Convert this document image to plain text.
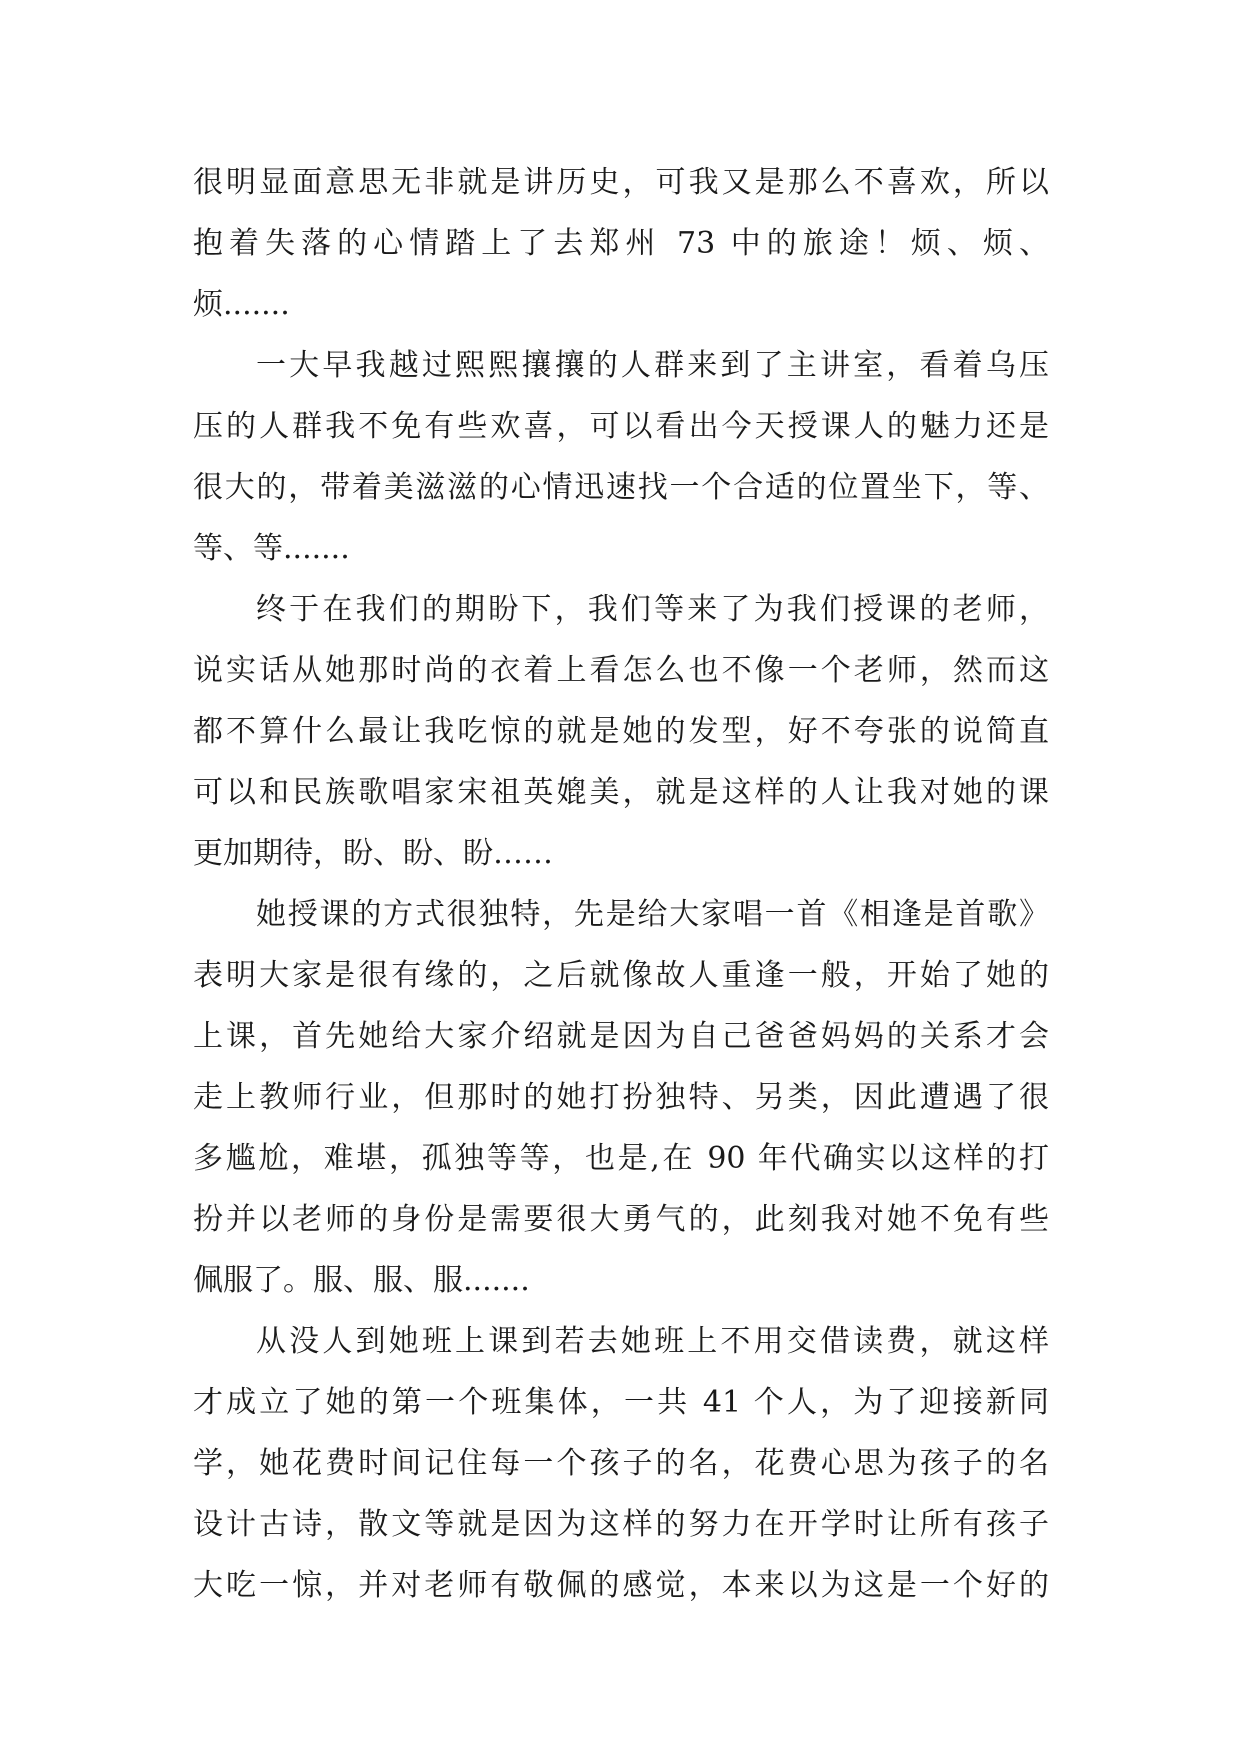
很明显面意思无非就是讲历史，可我又是那么不喜欢，所以
抱着失落的心情踏上了去郑州 73 中的旅途！烦、烦、
烦.......
一大早我越过熙熙攘攘的人群来到了主讲室，看着乌压
压的人群我不免有些欢喜，可以看出今天授课人的魅力还是
很大的，带着美滋滋的心情迅速找一个合适的位置坐下，等、
等、等.......
终于在我们的期盼下，我们等来了为我们授课的老师，
说实话从她那时尚的衣着上看怎么也不像一个老师，然而这
都不算什么最让我吃惊的就是她的发型，好不夸张的说简直
可以和民族歌唱家宋祖英媲美，就是这样的人让我对她的课
更加期待，盼、盼、盼……
她授课的方式很独特，先是给大家唱一首《相逢是首歌》
表明大家是很有缘的，之后就像故人重逢一般，开始了她的
上课，首先她给大家介绍就是因为自己爸爸妈妈的关系才会
走上教师行业，但那时的她打扮独特、另类，因此遭遇了很
多尴尬，难堪，孤独等等，也是,在 90 年代确实以这样的打
扮并以老师的身份是需要很大勇气的，此刻我对她不免有些
佩服了。服、服、服.......
从没人到她班上课到若去她班上不用交借读费，就这样
才成立了她的第一个班集体，一共 41 个人，为了迎接新同
学，她花费时间记住每一个孩子的名，花费心思为孩子的名
设计古诗，散文等就是因为这样的努力在开学时让所有孩子
大吃一惊，并对老师有敬佩的感觉，本来以为这是一个好的
